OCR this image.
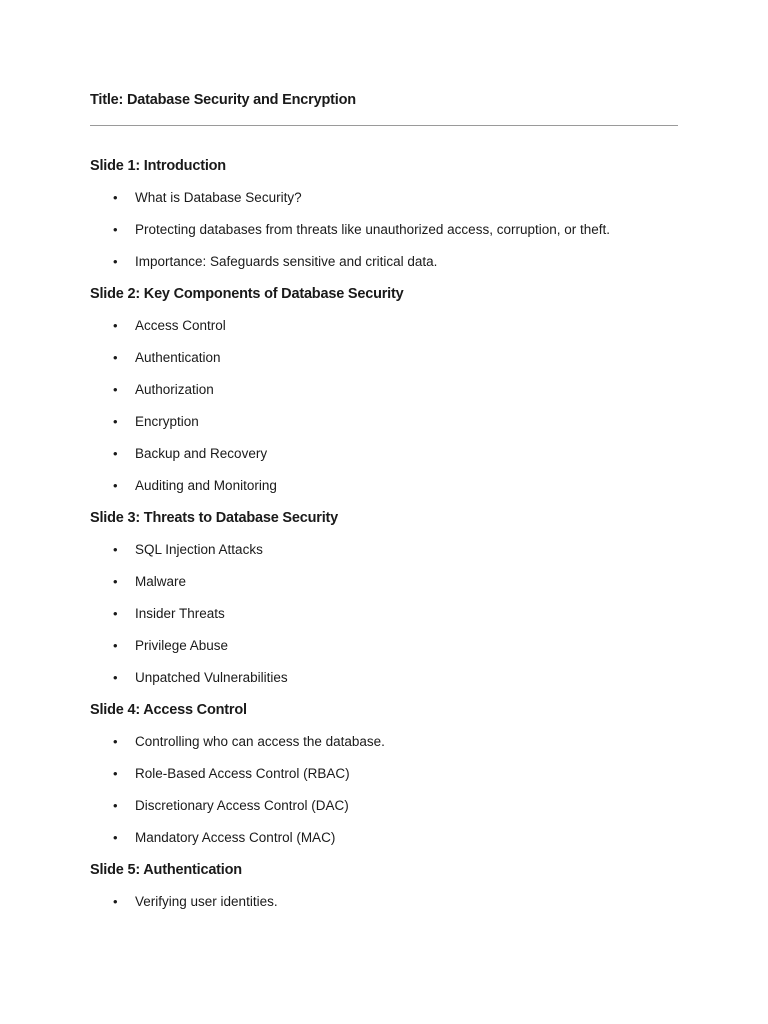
Title: Database Security and Encryption
Slide 1: Introduction
• What is Database Security?
• Protecting databases from threats like unauthorized access, corruption, or theft.
• Importance: Safeguards sensitive and critical data.
Slide 2: Key Components of Database Security
• Access Control
• Authentication
• Authorization
• Encryption
• Backup and Recovery
• Auditing and Monitoring
Slide 3: Threats to Database Security
• SQL Injection Attacks
• Malware
• Insider Threats
• Privilege Abuse
• Unpatched Vulnerabilities
Slide 4: Access Control
• Controlling who can access the database.
• Role-Based Access Control (RBAC)
• Discretionary Access Control (DAC)
• Mandatory Access Control (MAC)
Slide 5: Authentication
• Verifying user identities.
